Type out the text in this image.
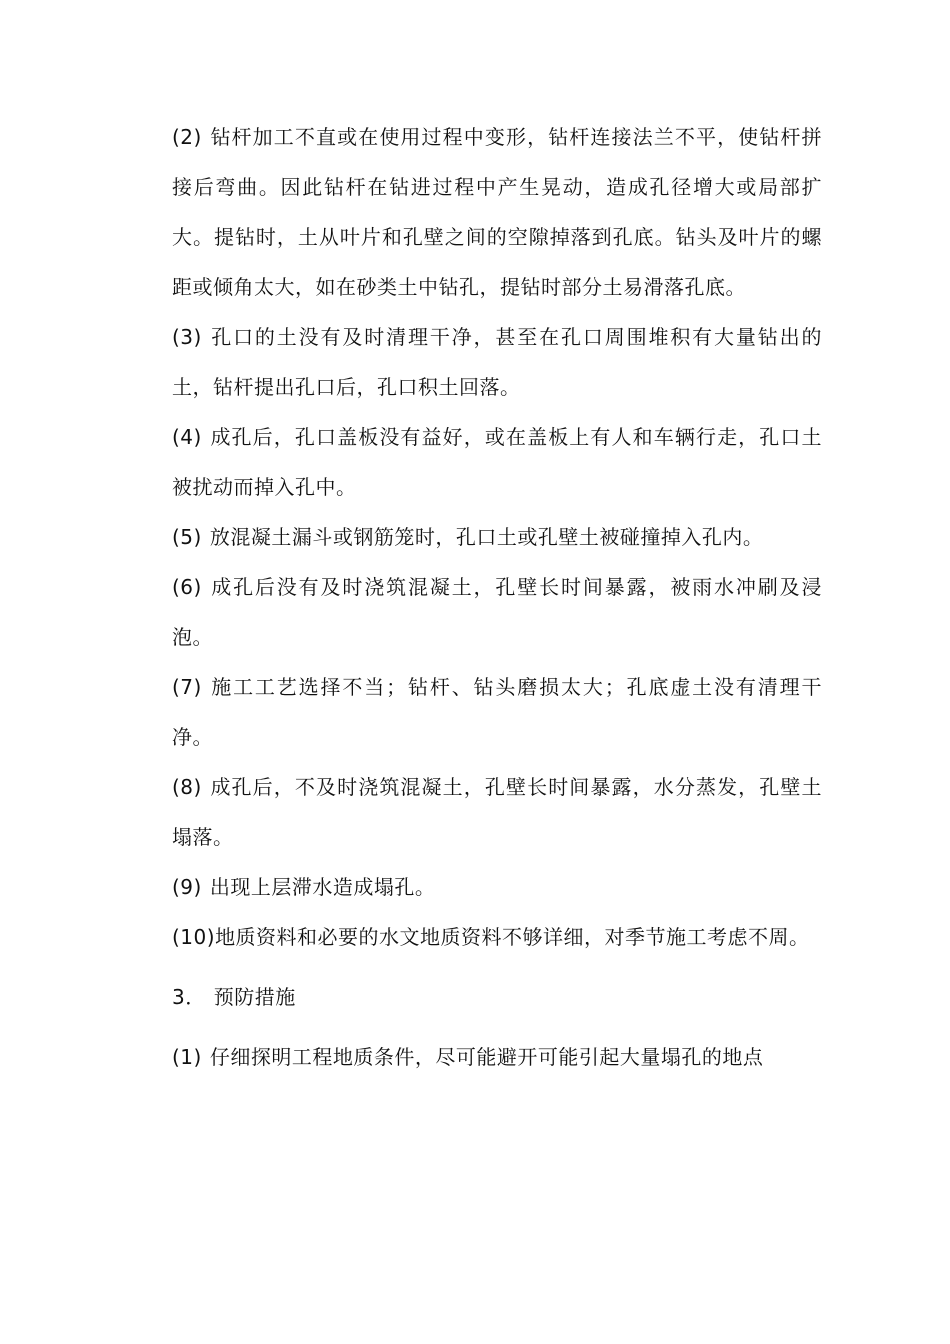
(2) 钻杆加工不直或在使用过程中变形，钻杆连接法兰不平，使钻杆拼接后弯曲。因此钻杆在钻进过程中产生晃动，造成孔径增大或局部扩大。提钻时，土从叶片和孔壁之间的空隙掉落到孔底。钻头及叶片的螺距或倾角太大，如在砂类土中钻孔，提钻时部分土易滑落孔底。

(3) 孔口的土没有及时清理干净，甚至在孔口周围堆积有大量钻出的土，钻杆提出孔口后，孔口积土回落。

(4) 成孔后，孔口盖板没有益好，或在盖板上有人和车辆行走，孔口土被扰动而掉入孔中。

(5) 放混凝土漏斗或钢筋笼时，孔口土或孔壁土被碰撞掉入孔内。

(6) 成孔后没有及时浇筑混凝土，孔壁长时间暴露，被雨水冲刷及浸泡。

(7) 施工工艺选择不当；钻杆、钻头磨损太大；孔底虚土没有清理干净。

(8) 成孔后，不及时浇筑混凝土，孔壁长时间暴露，水分蒸发，孔壁土塌落。

(9) 出现上层滞水造成塌孔。

(10)地质资料和必要的水文地质资料不够详细，对季节施工考虑不周。

3． 预防措施

(1) 仔细探明工程地质条件，尽可能避开可能引起大量塌孔的地点
